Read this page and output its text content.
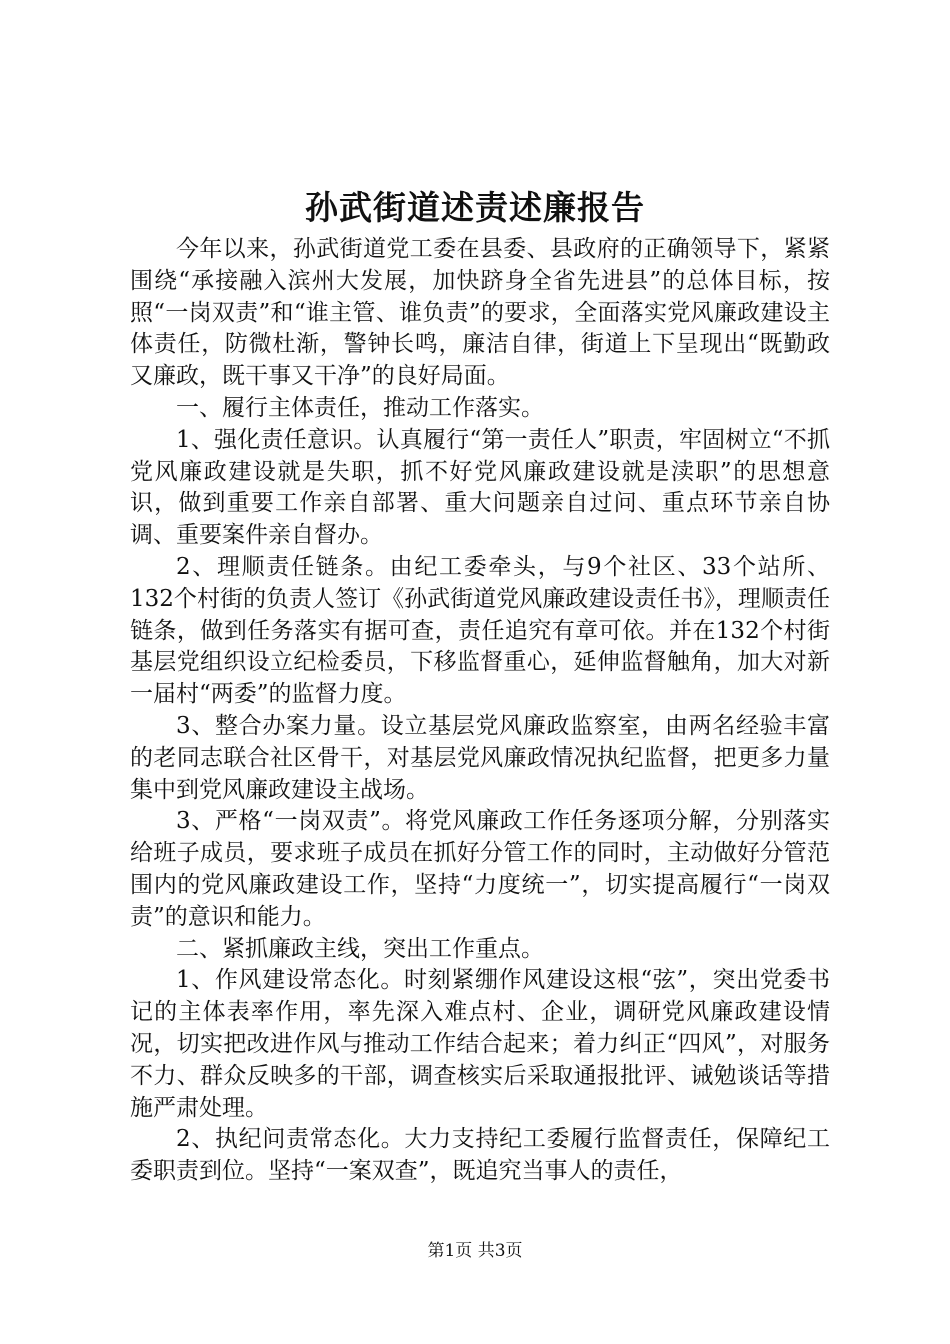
孙武街道述责述廉报告

今年以来，孙武街道党工委在县委、县政府的正确领导下，紧紧围绕“承接融入滨州大发展，加快跻身全省先进县”的总体目标，按照“一岗双责”和“谁主管、谁负责”的要求，全面落实党风廉政建设主体责任，防微杜渐，警钟长鸣，廉洁自律，街道上下呈现出“既勤政又廉政，既干事又干净”的良好局面。

一、履行主体责任，推动工作落实。

1、强化责任意识。认真履行“第一责任人”职责，牢固树立“不抓党风廉政建设就是失职，抓不好党风廉政建设就是渎职”的思想意识，做到重要工作亲自部署、重大问题亲自过问、重点环节亲自协调、重要案件亲自督办。

2、理顺责任链条。由纪工委牵头，与9个社区、33个站所、132个村街的负责人签订《孙武街道党风廉政建设责任书》，理顺责任链条，做到任务落实有据可查，责任追究有章可依。并在132个村街基层党组织设立纪检委员，下移监督重心，延伸监督触角，加大对新一届村“两委”的监督力度。

3、整合办案力量。设立基层党风廉政监察室，由两名经验丰富的老同志联合社区骨干，对基层党风廉政情况执纪监督，把更多力量集中到党风廉政建设主战场。

3、严格“一岗双责”。将党风廉政工作任务逐项分解，分别落实给班子成员，要求班子成员在抓好分管工作的同时，主动做好分管范围内的党风廉政建设工作，坚持“力度统一”，切实提高履行“一岗双责”的意识和能力。

二、紧抓廉政主线，突出工作重点。

1、作风建设常态化。时刻紧绷作风建设这根“弦”，突出党委书记的主体表率作用，率先深入难点村、企业，调研党风廉政建设情况，切实把改进作风与推动工作结合起来；着力纠正“四风”，对服务不力、群众反映多的干部，调查核实后采取通报批评、诫勉谈话等措施严肃处理。

2、执纪问责常态化。大力支持纪工委履行监督责任，保障纪工委职责到位。坚持“一案双查”，既追究当事人的责任，

第1页 共3页
